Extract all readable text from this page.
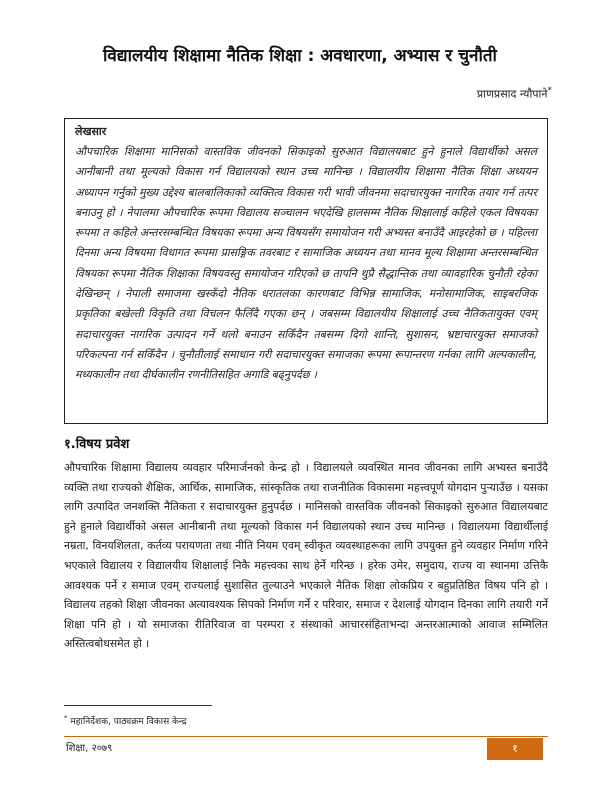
विद्यालयीय शिक्षामा नैतिक शिक्षा : अवधारणा, अभ्यास र चुनौती
प्राणप्रसाद न्यौपाने*
लेखसार
औपचारिक शिक्षामा मानिसको वास्तविक जीवनको सिकाइको सुरुआत विद्यालयबाट हुने हुनाले विद्यार्थीको असल आनीबानी तथा मूल्यको विकास गर्न विद्यालयको स्थान उच्च मानिन्छ । विद्यालयीय शिक्षामा नैतिक शिक्षा अध्ययन अध्यापन गर्नुको मुख्य उद्देश्य बालबालिकाको व्यक्तित्व विकास गरी भावी जीवनमा सदाचारयुक्त नागरिक तयार गर्न तत्पर बनाउनु हो । नेपालमा औपचारिक रूपमा विद्यालय सञ्चालन भएदेखि हालसम्म नैतिक शिक्षालाई कहिले एकल विषयका रूपमा त कहिले अन्तरसम्बन्धित विषयका रूपमा अन्य विषयसँग समायोजन गरी अभ्यस्त बनाउँदै आइरहेको छ । पहिल्ला दिनमा अन्य विषयमा विधागत रूपमा प्रासङ्गिक तवरबाट र सामाजिक अध्ययन तथा मानव मूल्य शिक्षामा अन्तरसम्बन्धित विषयका रूपमा नैतिक शिक्षाका विषयवस्तु समायोजन गरिएको छ तापनि थुप्रै सैद्धान्तिक तथा व्यावहारिक चुनौती रहेका देखिन्छन् । नेपाली समाजमा खस्कँदो नैतिक धरातलका कारणबाट विभिन्न सामाजिक, मनोसामाजिक, साइबरजिक प्रकृतिका बखेल्ती विकृति तथा विचलन फैलिँदै गएका छन् । जबसम्म विद्यालयीय शिक्षालाई उच्च नैतिकतायुक्त एवम् सदाचारयुक्त नागरिक उत्पादन गर्ने थलो बनाउन सकिँदैन तबसम्म दिगो शान्ति, सुशासन, भ्रष्टाचारयुक्त समाजको परिकल्पना गर्न सकिँदैन । चुनौतीलाई समाधान गरी सदाचारयुक्त समाजका रूपमा रूपान्तरण गर्नका लागि अल्पकालीन, मध्यकालीन तथा दीर्घकालीन रणनीतिसहित अगाडि बढ्नुपर्दछ ।
१.विषय प्रवेश
औपचारिक शिक्षामा विद्यालय व्यवहार परिमार्जनको केन्द्र हो । विद्यालयले व्यवस्थित मानव जीवनका लागि अभ्यस्त बनाउँदै व्यक्ति तथा राज्यको शैक्षिक, आर्थिक, सामाजिक, सांस्कृतिक तथा राजनीतिक विकासमा महत्त्वपूर्ण योगदान पुऱ्याउँछ । यसका लागि उत्पादित जनशक्ति नैतिकता र सदाचारयुक्त हुनुपर्दछ । मानिसको वास्तविक जीवनको सिकाइको सुरुआत विद्यालयबाट हुने हुनाले विद्यार्थीको असल आनीबानी तथा मूल्यको विकास गर्न विद्यालयको स्थान उच्च मानिन्छ । विद्यालयमा विद्यार्थीलाई नम्रता, विनयशिलता, कर्तव्य परायणता तथा नीति नियम एवम् स्वीकृत व्यवस्थाहरूका लागि उपयुक्त हुने व्यवहार निर्माण गरिने भएकाले विद्यालय र विद्यालयीय शिक्षालाई निकै महत्त्वका साथ हेर्ने गरिन्छ । हरेक उमेर, समुदाय, राज्य वा स्थानमा उत्तिकै आवश्यक पर्ने र समाज एवम् राज्यलाई सुशासित तुल्याउने भएकाले नैतिक शिक्षा लोकप्रिय र बहुप्रतिष्ठित विषय पनि हो । विद्यालय तहको शिक्षा जीवनका अत्यावश्यक सिपको निर्माण गर्ने र परिवार, समाज र देशलाई योगदान दिनका लागि तयारी गर्ने शिक्षा पनि हो । यो समाजका रीतिरिवाज वा परम्परा र संस्थाको आचारसंहिताभन्दा अन्तरआत्माको आवाज सम्मिलित अस्तित्वबोधसमेत हो ।
* महानिर्देशक, पाठ्यक्रम विकास केन्द्र
शिक्षा, २०७९	१
